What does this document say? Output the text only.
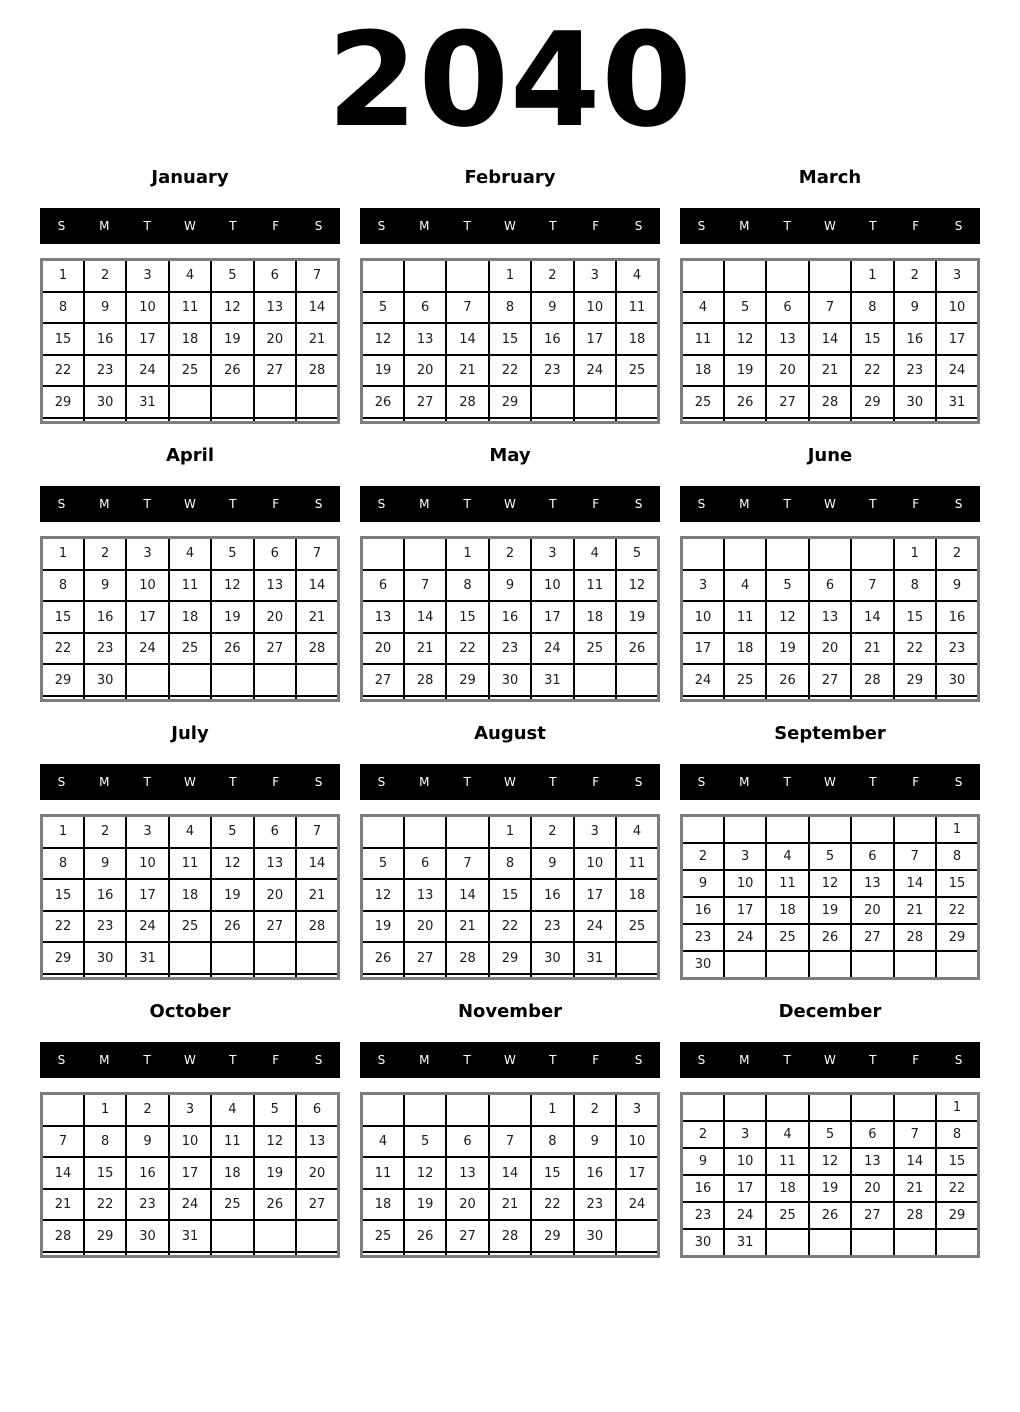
2040
January
S	M	T	W	T	F	S
1	2	3	4	5	6	7
8	9	10	11	12	13	14
15	16	17	18	19	20	21
22	23	24	25	26	27	28
29	30	31				

February
S	M	T	W	T	F	S
			1	2	3	4
5	6	7	8	9	10	11
12	13	14	15	16	17	18
19	20	21	22	23	24	25
26	27	28	29			

March
S	M	T	W	T	F	S
				1	2	3
4	5	6	7	8	9	10
11	12	13	14	15	16	17
18	19	20	21	22	23	24
25	26	27	28	29	30	31

April
S	M	T	W	T	F	S
1	2	3	4	5	6	7
8	9	10	11	12	13	14
15	16	17	18	19	20	21
22	23	24	25	26	27	28
29	30					

May
S	M	T	W	T	F	S
		1	2	3	4	5
6	7	8	9	10	11	12
13	14	15	16	17	18	19
20	21	22	23	24	25	26
27	28	29	30	31		

June
S	M	T	W	T	F	S
					1	2
3	4	5	6	7	8	9
10	11	12	13	14	15	16
17	18	19	20	21	22	23
24	25	26	27	28	29	30

July
S	M	T	W	T	F	S
1	2	3	4	5	6	7
8	9	10	11	12	13	14
15	16	17	18	19	20	21
22	23	24	25	26	27	28
29	30	31				

August
S	M	T	W	T	F	S
			1	2	3	4
5	6	7	8	9	10	11
12	13	14	15	16	17	18
19	20	21	22	23	24	25
26	27	28	29	30	31	

September
S	M	T	W	T	F	S
						1
2	3	4	5	6	7	8
9	10	11	12	13	14	15
16	17	18	19	20	21	22
23	24	25	26	27	28	29
30						
October
S	M	T	W	T	F	S
	1	2	3	4	5	6
7	8	9	10	11	12	13
14	15	16	17	18	19	20
21	22	23	24	25	26	27
28	29	30	31			

November
S	M	T	W	T	F	S
				1	2	3
4	5	6	7	8	9	10
11	12	13	14	15	16	17
18	19	20	21	22	23	24
25	26	27	28	29	30	

December
S	M	T	W	T	F	S
						1
2	3	4	5	6	7	8
9	10	11	12	13	14	15
16	17	18	19	20	21	22
23	24	25	26	27	28	29
30	31					
